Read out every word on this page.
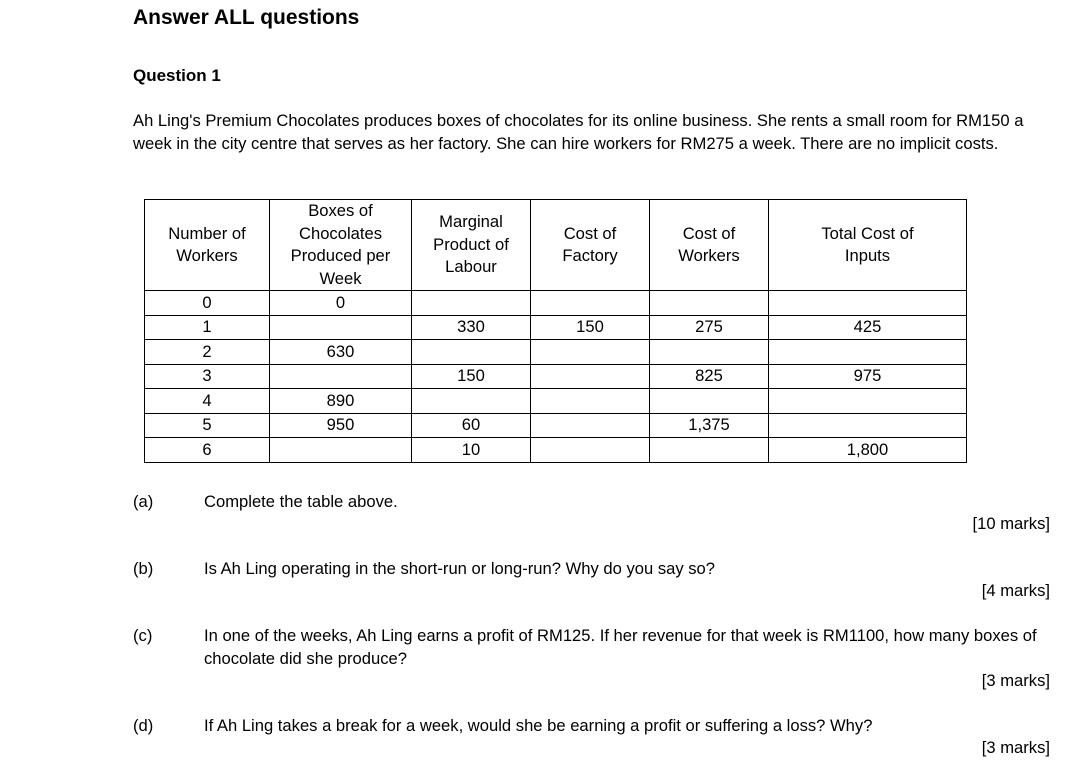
Answer ALL questions
Question 1
Ah Ling's Premium Chocolates produces boxes of chocolates for its online business. She rents a small room for RM150 a week in the city centre that serves as her factory. She can hire workers for RM275 a week. There are no implicit costs.
Number of Workers	Boxes of Chocolates Produced per Week	Marginal Product of Labour	Cost of Factory	Cost of Workers	Total Cost of Inputs

0	0				
1		330	150	275	425
2	630				
3		150		825	975
4	890				
5	950	60		1,375	
6		10			1,800
(a)	Complete the table above.
[10 marks]
(b)	Is Ah Ling operating in the short-run or long-run? Why do you say so?
[4 marks]
(c)	In one of the weeks, Ah Ling earns a profit of RM125. If her revenue for that week is RM1100, how many boxes of chocolate did she produce?
[3 marks]
(d)	If Ah Ling takes a break for a week, would she be earning a profit or suffering a loss? Why?
[3 marks]
